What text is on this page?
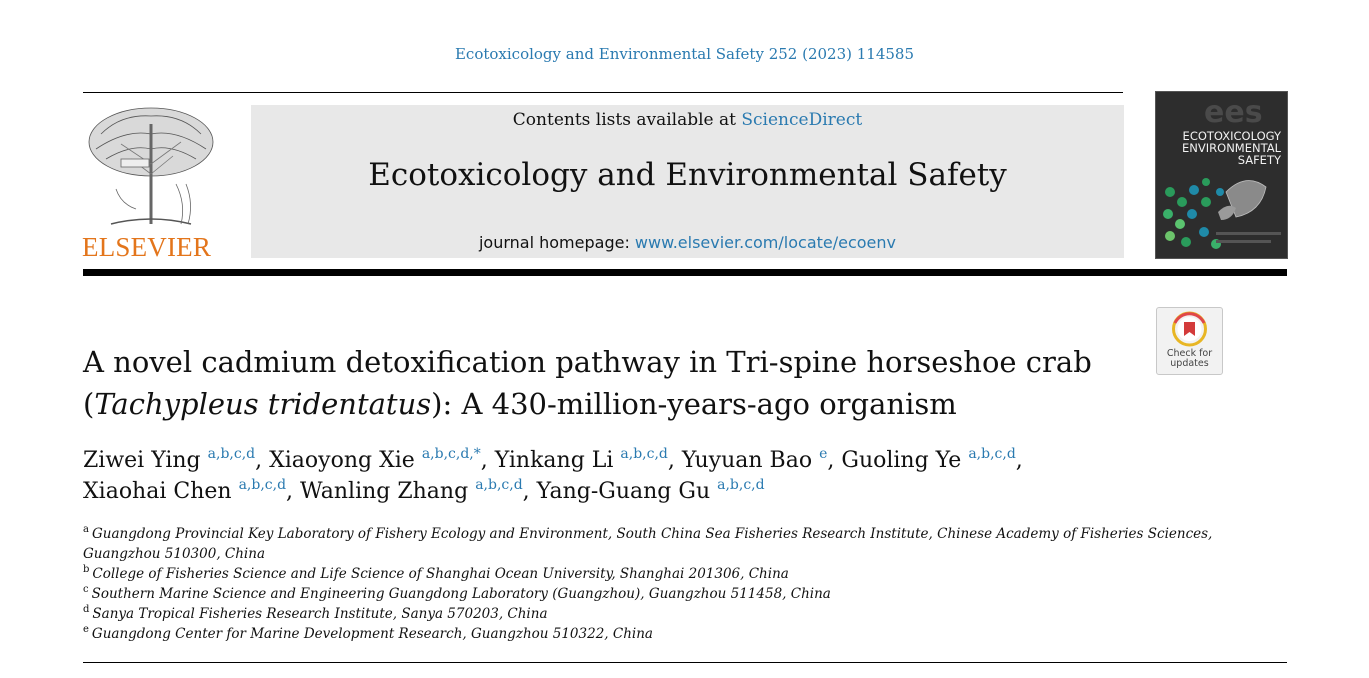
Ecotoxicology and Environmental Safety 252 (2023) 114585
ELSEVIER
Contents lists available at ScienceDirect
Ecotoxicology and Environmental Safety
journal homepage: www.elsevier.com/locate/ecoenv
ees
ECOTOXICOLOGY
ENVIRONMENTAL
SAFETY
Check for
updates
A novel cadmium detoxification pathway in Tri-spine horseshoe crab
(Tachypleus tridentatus): A 430-million-years-ago organism
Ziwei Ying $^{a,b,c,d}$, Xiaoyong Xie $^{a,b,c,d,*}$, Yinkang Li $^{a,b,c,d}$, Yuyuan Bao $^e$, Guoling Ye $^{a,b,c,d}$,
Xiaohai Chen $^{a,b,c,d}$, Wanling Zhang $^{a,b,c,d}$, Yang-Guang Gu $^{a,b,c,d}$
$^a$ Guangdong Provincial Key Laboratory of Fishery Ecology and Environment, South China Sea Fisheries Research Institute, Chinese Academy of Fisheries Sciences,
Guangzhou 510300, China
$^b$ College of Fisheries Science and Life Science of Shanghai Ocean University, Shanghai 201306, China
$^c$ Southern Marine Science and Engineering Guangdong Laboratory (Guangzhou), Guangzhou 511458, China
$^d$ Sanya Tropical Fisheries Research Institute, Sanya 570203, China
$^e$ Guangdong Center for Marine Development Research, Guangzhou 510322, China
